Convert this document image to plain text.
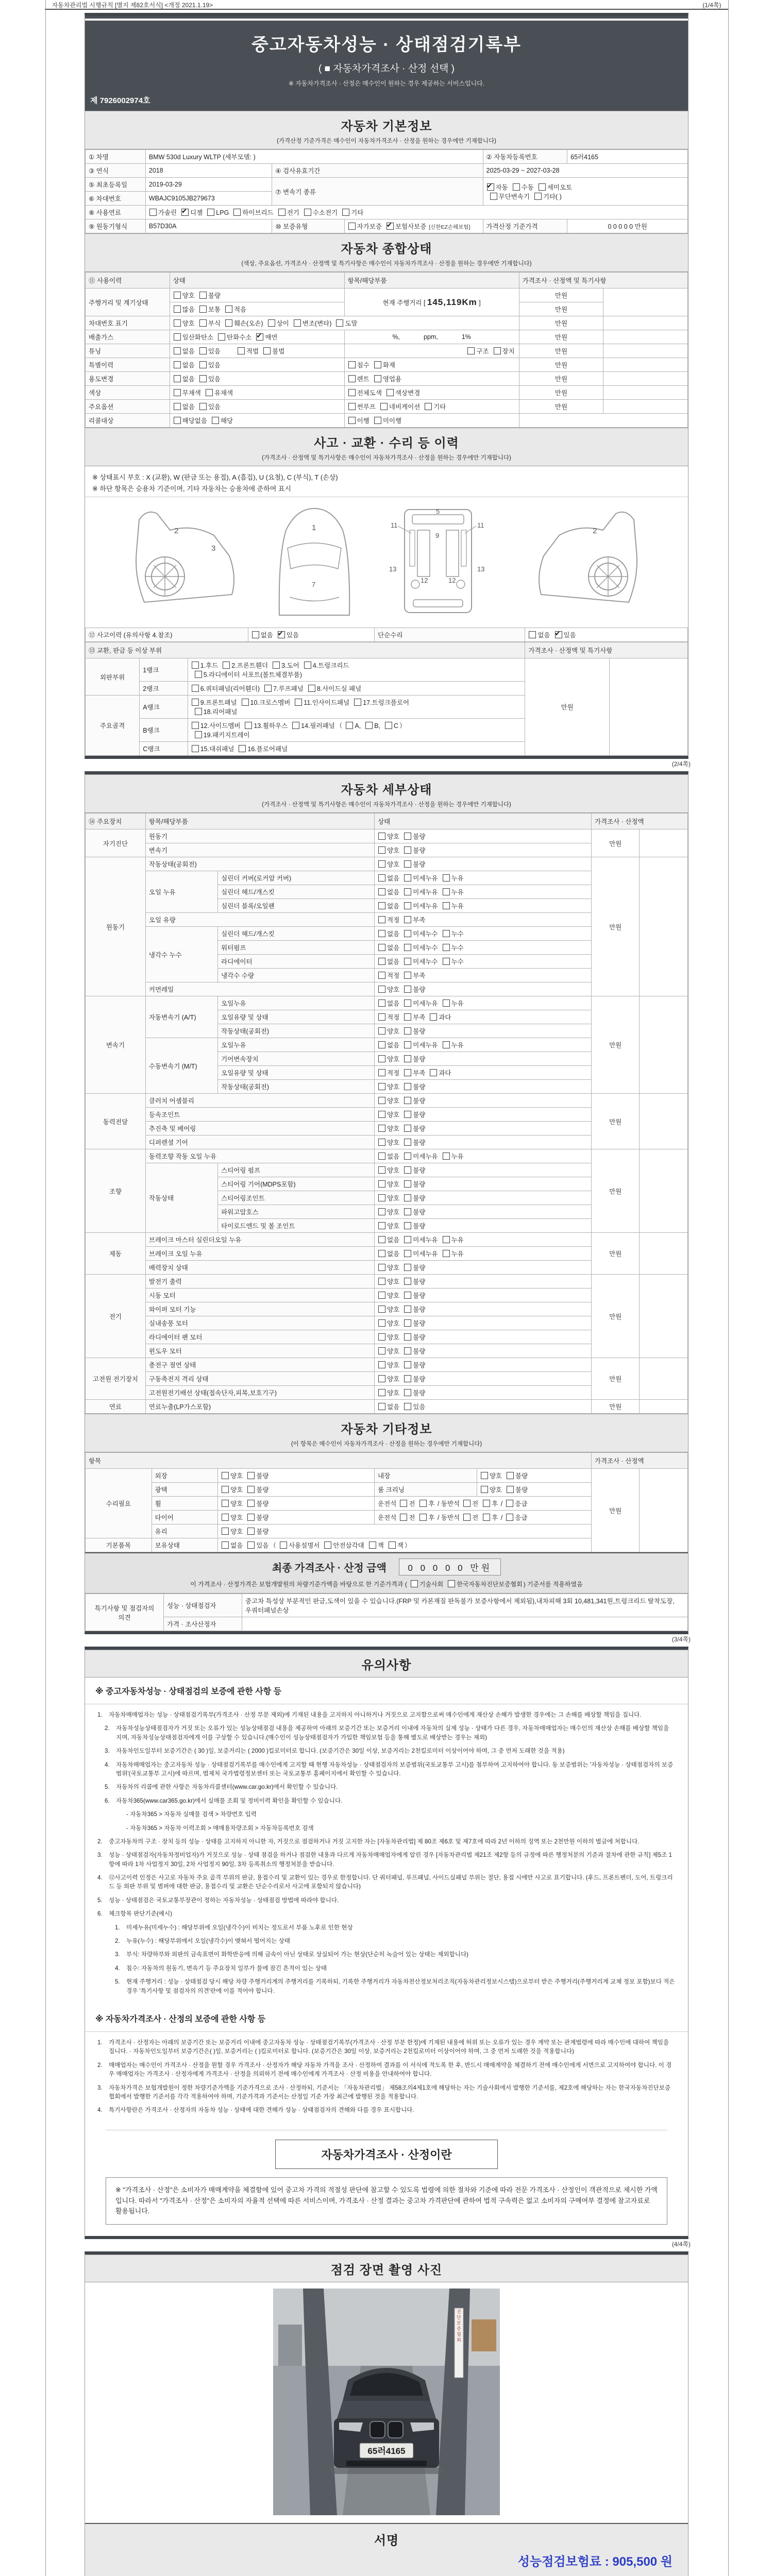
자동차관리법 시행규칙 [별지 제82호서식] <개정 2021.1.19>	(1/4쪽)
중고자동차성능 · 상태점검기록부
( ■ 자동차가격조사 · 산정 선택 )
※ 자동차가격조사 · 산정은 매수인이 원하는 경우 제공하는 서비스입니다.
제 7926002974호
자동차 기본정보
(가격산정 기준가격은 매수인이 자동차가격조사 · 산정을 원하는 경우에만 기재합니다)
① 차명	BMW 530d Luxury WLTP (세부모델: )			② 자동차등록번호	65러4165
③ 연식	2018	④ 검사유효기간		2025-03-29 ~ 2027-03-28	
⑤ 최초등록일	2019-03-29	⑦ 변속기 종류	✔자동 수동 세미오토
무단변속기 기타( )
⑥ 차대번호	WBAJC9105JB279673				
⑧ 사용연료	가솔린 ✔ 디젤 LPG 하이브리드 전기 수소전기 기타
⑨ 원동기형식	B57D30A	⑩ 보증유형	자가보증 ✔ 보험사보증 [신한EZ손해보험]	가격산정 기준가격	0 0 0 0 0 만원
자동차 종합상태
(색상, 주요옵션, 가격조사 · 산정액 및 특기사항은 매수인이 자동차가격조사 · 산정을 원하는 경우에만 기재합니다)
⑪ 사용이력	상태	항목/해당부품	가격조사 · 산정액 및 특기사항	
주행거리 및 계기상태	양호 불량	현재 주행거리 [ 145,119Km ]	만원	
	많음 보통 적음		만원	
차대번호 표기	양호 부식 훼손(오손) 상이 변조(변타) 도말		만원	
배출가스	일산화탄소 탄화수소 ✔ 매연	%, ppm, 1%	만원	
튜닝	없음 있음 적법 불법	구조 장치	만원	
특별이력	없음 있음	침수 화재	만원	
용도변경	없음 있음	렌트 영업용	만원	
색상	무채색 유채색	전체도색 색상변경	만원	
주요옵션	없음 있음	썬루프 네비게이션 기타	만원	
리콜대상	해당없음 해당	이행 미이행		
사고 · 교환 · 수리 등 이력
(가격조사 · 산정액 및 특기사항은 매수인이 자동차가격조사 · 산정을 원하는 경우에만 기재합니다)
※ 상태표시 부호 : X (교환), W (판금 또는 용접), A (흠집), U (요철), C (부식), T (손상)
※ 하단 항목은 승용차 기준이며, 기타 자동차는 승용차에 준하여 표시
2
3
1
7
5
9
11	11
13	13
12	12
2
⑫ 사고이력 (유의사항 4.참조)	없음 ✔ 있음	단순수리	없음 ✔ 있음
⑬ 교환, 판금 등 이상 부위			가격조사 · 산정액 및 특기사항	
외판부위	1랭크	1.후드 2.프론트휀더 3.도어 4.트렁크리드
5.라디에이터 서포트(볼트체결부품)	만원	
	2랭크	6.쿼터패널(리어휀더) 7.루프패널 8.사이드실 패널		
주요골격	A랭크	9.프론트패널 10.크로스멤버 11.인사이드패널 17.트렁크플로어
18.리어패널		
	B랭크	12.사이드멤버 13.휠하우스 14.필러패널 （ A, B, C ）
19.패키지트레이		
	C랭크	15.대쉬패널 16.플로어패널		
(2/4쪽)
자동차 세부상태
(가격조사 · 산정액 및 특기사항은 매수인이 자동차가격조사 · 산정을 원하는 경우에만 기재합니다)
⑭ 주요장치	항목/해당부품		상태	가격조사 · 산정액	
자기진단	원동기		양호 불량	만원	
	변속기		양호 불량		
원동기	작동상태(공회전)		양호 불량	만원	
	오일 누유	실린더 커버(로커암 커버)	없음 미세누유 누유		
		실린더 헤드/개스킷	없음 미세누유 누유		
		실린더 블록/오일팬	없음 미세누유 누유		
	오일 유량		적정 부족		
	냉각수 누수	실린더 헤드/개스킷	없음 미세누수 누수		
		워터펌프	없음 미세누수 누수		
		라디에이터	없음 미세누수 누수		
		냉각수 수량	적정 부족		
	커먼레일		양호 불량		
변속기	자동변속기 (A/T)	오일누유	없음 미세누유 누유	만원	
		오일유량 및 상태	적정 부족 과다		
		작동상태(공회전)	양호 불량		
	수동변속기 (M/T)	오일누유	없음 미세누유 누유		
		기어변속장치	양호 불량		
		오일유량 및 상태	적정 부족 과다		
		작동상태(공회전)	양호 불량		
동력전달	클러치 어셈블리		양호 불량	만원	
	등속조인트		양호 불량		
	추진축 및 베어링		양호 불량		
	디퍼렌셜 기어		양호 불량		
조향	동력조향 작동 오일 누유		없음 미세누유 누유	만원	
	작동상태	스티어링 펌프	양호 불량		
		스티어링 기어(MDPS포함)	양호 불량		
		스티어링조인트	양호 불량		
		파워고압호스	양호 불량		
		타이로드엔드 및 볼 조인트	양호 불량		
제동	브레이크 마스터 실린더오일 누유		없음 미세누유 누유	만원	
	브레이크 오일 누유		없음 미세누유 누유		
	배력장치 상태		양호 불량		
전기	발전기 출력		양호 불량	만원	
	시동 모터		양호 불량		
	와이퍼 모터 기능		양호 불량		
	실내송풍 모터		양호 불량		
	라디에이터 팬 모터		양호 불량		
	윈도우 모터		양호 불량		
고전원 전기장치	충전구 절연 상태		양호 불량	만원	
	구동축전지 격리 상태		양호 불량		
	고전원전기배선 상태(접속단자,피복,보호기구)		양호 불량		
연료	연료누출(LP가스포함)		없음 있음	만원	
자동차 기타정보
(이 항목은 매수인이 자동차가격조사 · 산정을 원하는 경우에만 기재합니다)
항목					가격조사 · 산정액	
수리필요	외장	양호 불량	내장	양호 불량	만원	
	광택	양호 불량	룸 크리닝	양호 불량		
	휠	양호 불량	운전석 전 후 / 동반석 전 후 / 응급			
	타이어	양호 불량	운전석 전 후 / 동반석 전 후 / 응급			
	유리	양호 불량				
기본품목	보유상태	없음 있음 （ 사용설명서 안전삼각대 잭 잭 ）				
최종 가격조사 · 산정 금액 0 0 0 0 0 만원
이 가격조사 · 산정가격은 보험개발원의 차량기준가액을 바탕으로 한 기준가격과 ( 기술사회 한국자동차진단보증협회 ) 기준서를 적용하였음
특기사항 및 점검자의 의견	성능 · 상태점검자	중고차 특성상 부분적인 판금,도색이 있을 수 있습니다.(FRP 및 카본재질 판독불가 보증사항에서 제외됨),내차피해 3회 10,481,341원,트렁크리드 탈착도장, 우쿼터패널손상
	가격 · 조사산정자	
(3/4쪽)
유의사항
※ 중고자동차성능 · 상태점검의 보증에 관한 사항 등
1.	자동차매매업자는 성능 · 상태점검기록부(가격조사 · 산정 부분 제외)에 기재된 내용을 고지하지 아니하거나 거짓으로 고지함으로써 매수인에게 재산상 손해가 발생한 경우에는 그 손해를 배상할 책임을 집니다.
2.	자동차성능상태점검자가 거짓 또는 오류가 있는 성능상태점검 내용을 제공하여 아래의 보증기간 또는 보증거리 이내에 자동차의 실제 성능 · 상태가 다른 경우, 자동차매매업자는 매수인의 재산상 손해를 배상할 책임을 지며, 자동차성능상태점검자에게 이를 구상할 수 있습니다.(매수인이 성능상태점검자가 가입한 책임보험 등을 통해 별도로 배상받는 경우는 제외)
3.	자동차인도일부터 보증기간은 ( 30 )일, 보증거리는 ( 2000 )킬로미터로 합니다. (보증기간은 30일 이상, 보증거리는 2천킬로미터 이상이어야 하며, 그 중 먼저 도래한 것을 적용)
4.	자동차매매업자는 중고자동차 성능 · 상태점검기록부를 매수인에게 고지할 때 현행 자동차성능 · 상태점검자의 보증범위(국토교통부 고시)를 첨부하여 고지하여야 합니다. 동 보증범위는 '자동차성능 · 상태점검자의 보증범위'(국토교통부 고시)에 따르며, 법제처 국가법령정보센터 또는 국토교통부 홈페이지에서 확인할 수 있습니다.
5.	자동차의 리콜에 관한 사항은 자동차리콜센터(www.car.go.kr)에서 확인할 수 있습니다.
6.	자동차365(www.car365.go.kr)에서 실매물 조회 및 정비이력 확인을 확인할 수 있습니다.
- 자동차365 > 자동차 실매물 검색 > 차량번호 입력
- 자동차365 > 자동차 이력조회 > 매매용차량조회 > 자동차등록번호 검색
2.	중고자동차의 구조 · 장치 등의 성능 · 상태를 고지하지 아니한 자, 거짓으로 점검하거나 거짓 고지한 자는 [자동차관리법] 제 80조 제6호 및 제7호에 따라 2년 이하의 징역 또는 2천만원 이하의 벌금에 처합니다.
3.	성능 · 상태점검자(자동차정비업자)가 거짓으로 성능 · 상태 점검을 하거나 점검한 내용과 다르게 자동차매매업자에게 알린 경우 [자동차관리법 제21조 제2항 등의 규정에 따른 행정처분의 기준과 절차에 관한 규칙] 제5조 1항에 따라 1차 사업정지 30일, 2차 사업정지 90일, 3차 등록취소의 행정처분을 받습니다.
4.	⑫사고이력 인정은 사고로 자동차 주요 골격 부위의 판금, 용접수리 및 교환이 있는 경우로 한정합니다. 단 쿼터패널, 루프패널, 사이드실패널 부위는 절단, 용접 시에만 사고로 표기합니다. (후드, 프론트펜더, 도어, 트렁크리드 등 외판 부위 및 범퍼에 대한 판금, 용접수리 및 교환은 단순수리로서 사고에 포함되지 않습니다)
5.	성능 · 상태점검은 국토교통부장관이 정하는 자동차성능 · 상태점검 방법에 따라야 합니다.
6.	체크항목 판단기준(예시)
1.	미세누유(미세누수) : 해당부위에 오일(냉각수)이 비치는 정도로서 부품 노후로 인한 현상
2.	누유(누수) : 해당부위에서 오일(냉각수)이 맺혀서 떨어지는 상태
3.	부식: 차량하부와 외판의 금속표면이 화학반응에 의해 금속이 아닌 상태로 상실되어 가는 현상(단순히 녹슬어 있는 상태는 제외합니다)
4.	침수: 자동차의 원동기, 변속기 등 주요장치 일부가 물에 잠긴 흔적이 있는 상태
5.	현재 주행거리 : 성능 · 상태점검 당시 해당 차량 주행거리계의 주행거리를 기록하되, 기록한 주행거리가 자동차전산정보처리조직(자동차관리정보시스템)으로부터 받은 주행거리(주행거리계 교체 정보 포함)보다 적은 경우 '특기사항 및 점검자의 의견'란에 이를 적어야 합니다.
※ 자동차가격조사 · 산정의 보증에 관한 사항 등
1.	가격조사 · 산정자는 아래의 보증기간 또는 보증거리 이내에 중고자동차 성능 · 상태점검기록부(가격조사 · 산정 부분 한정)에 기재된 내용에 허위 또는 오류가 있는 경우 계약 또는 관계법령에 따라 매수인에 대하여 책임을 집니다. · 자동차인도일부터 보증기간은( )일, 보증거리는 ( )킬로미터로 합니다. (보증기간은 30일 이상, 보증거리는 2천킬로미터 이상이어야 하며, 그 중 먼저 도래한 것을 적용합니다)
2.	매매업자는 매수인이 가격조사 · 산정을 원할 경우 가격조사 · 산정자가 해당 자동차 가격을 조사 · 산정하여 결과를 이 서식에 적도록 한 후, 반드시 매매계약을 체결하기 전에 매수인에게 서면으로 고지하여야 합니다. 이 경우 매매업자는 가격조사 · 산정자에게 가격조사 · 산정을 의뢰하기 전에 매수인에게 가격조사 · 산정 비용을 안내하여야 합니다.
3.	자동차가격은 보험개발원이 정한 차량기준가액을 기준가격으로 조사 · 산정하되, 기준서는 「자동차관리법」 제58조의4제1호에 해당하는 자는 기술사회에서 발행한 기준서를, 제2호에 해당하는 자는 한국자동차진단보증협회에서 발행한 기준서를 각각 적용하여야 하며, 기준가격과 기준서는 산정일 기준 가장 최근에 발행된 것을 적용합니다.
4.	특기사항란은 가격조사 · 산정자의 자동차 성능 · 상태에 대한 견해가 성능 · 상태점검자의 견해와 다를 경우 표시합니다.
자동차가격조사 · 산정이란
※ "가격조사 · 산정"은 소비자가 매매계약을 체결함에 있어 중고차 가격의 적절성 판단에 참고할 수 있도록 법령에 의한 절차와 기준에 따라 전문 가격조사 · 산정인이 객관적으로 제시한 가액입니다. 따라서 "가격조사 · 산정"은 소비자의 자율적 선택에 따른 서비스이며, 가격조사 · 산정 결과는 중고차 가격판단에 관하여 법적 구속력은 없고 소비자의 구매여부 결정에 참고자료로 활용됩니다.
(4/4쪽)
점검 장면 촬영 사진
65러4165
진단보증협회
서명
성능점검보험료 : 905,500 원
